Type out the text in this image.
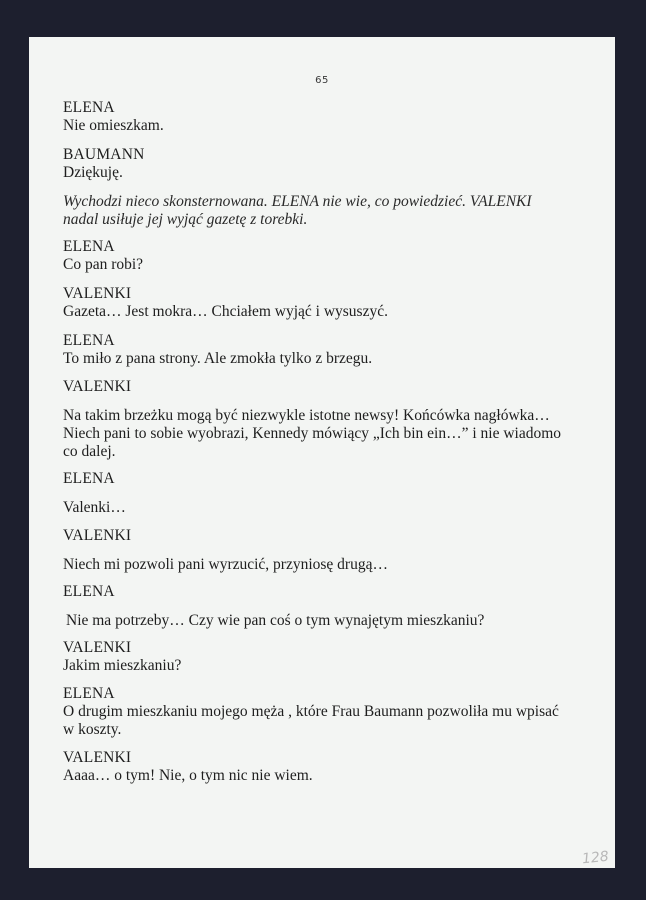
65

ELENA

Nie omieszkam.

BAUMANN

Dziękuję.

Wychodzi nieco skonsternowana. ELENA nie wie, co powiedzieć. VALENKI

nadal usiłuje jej wyjąć gazetę z torebki.

ELENA

Co pan robi?

VALENKI

Gazeta… Jest mokra… Chciałem wyjąć i wysuszyć.

ELENA

To miło z pana strony. Ale zmokła tylko z brzegu.

VALENKI

Na takim brzeżku mogą być niezwykle istotne newsy! Końcówka nagłówka…

Niech pani to sobie wyobrazi, Kennedy mówiący „Ich bin ein…” i nie wiadomo

co dalej.

ELENA

Valenki…

VALENKI

Niech mi pozwoli pani wyrzucić, przyniosę drugą…

ELENA

Nie ma potrzeby… Czy wie pan coś o tym wynajętym mieszkaniu?

VALENKI

Jakim mieszkaniu?

ELENA

O drugim mieszkaniu mojego męża , które Frau Baumann pozwoliła mu wpisać

w koszty.

VALENKI

Aaaa… o tym! Nie, o tym nic nie wiem.

128
